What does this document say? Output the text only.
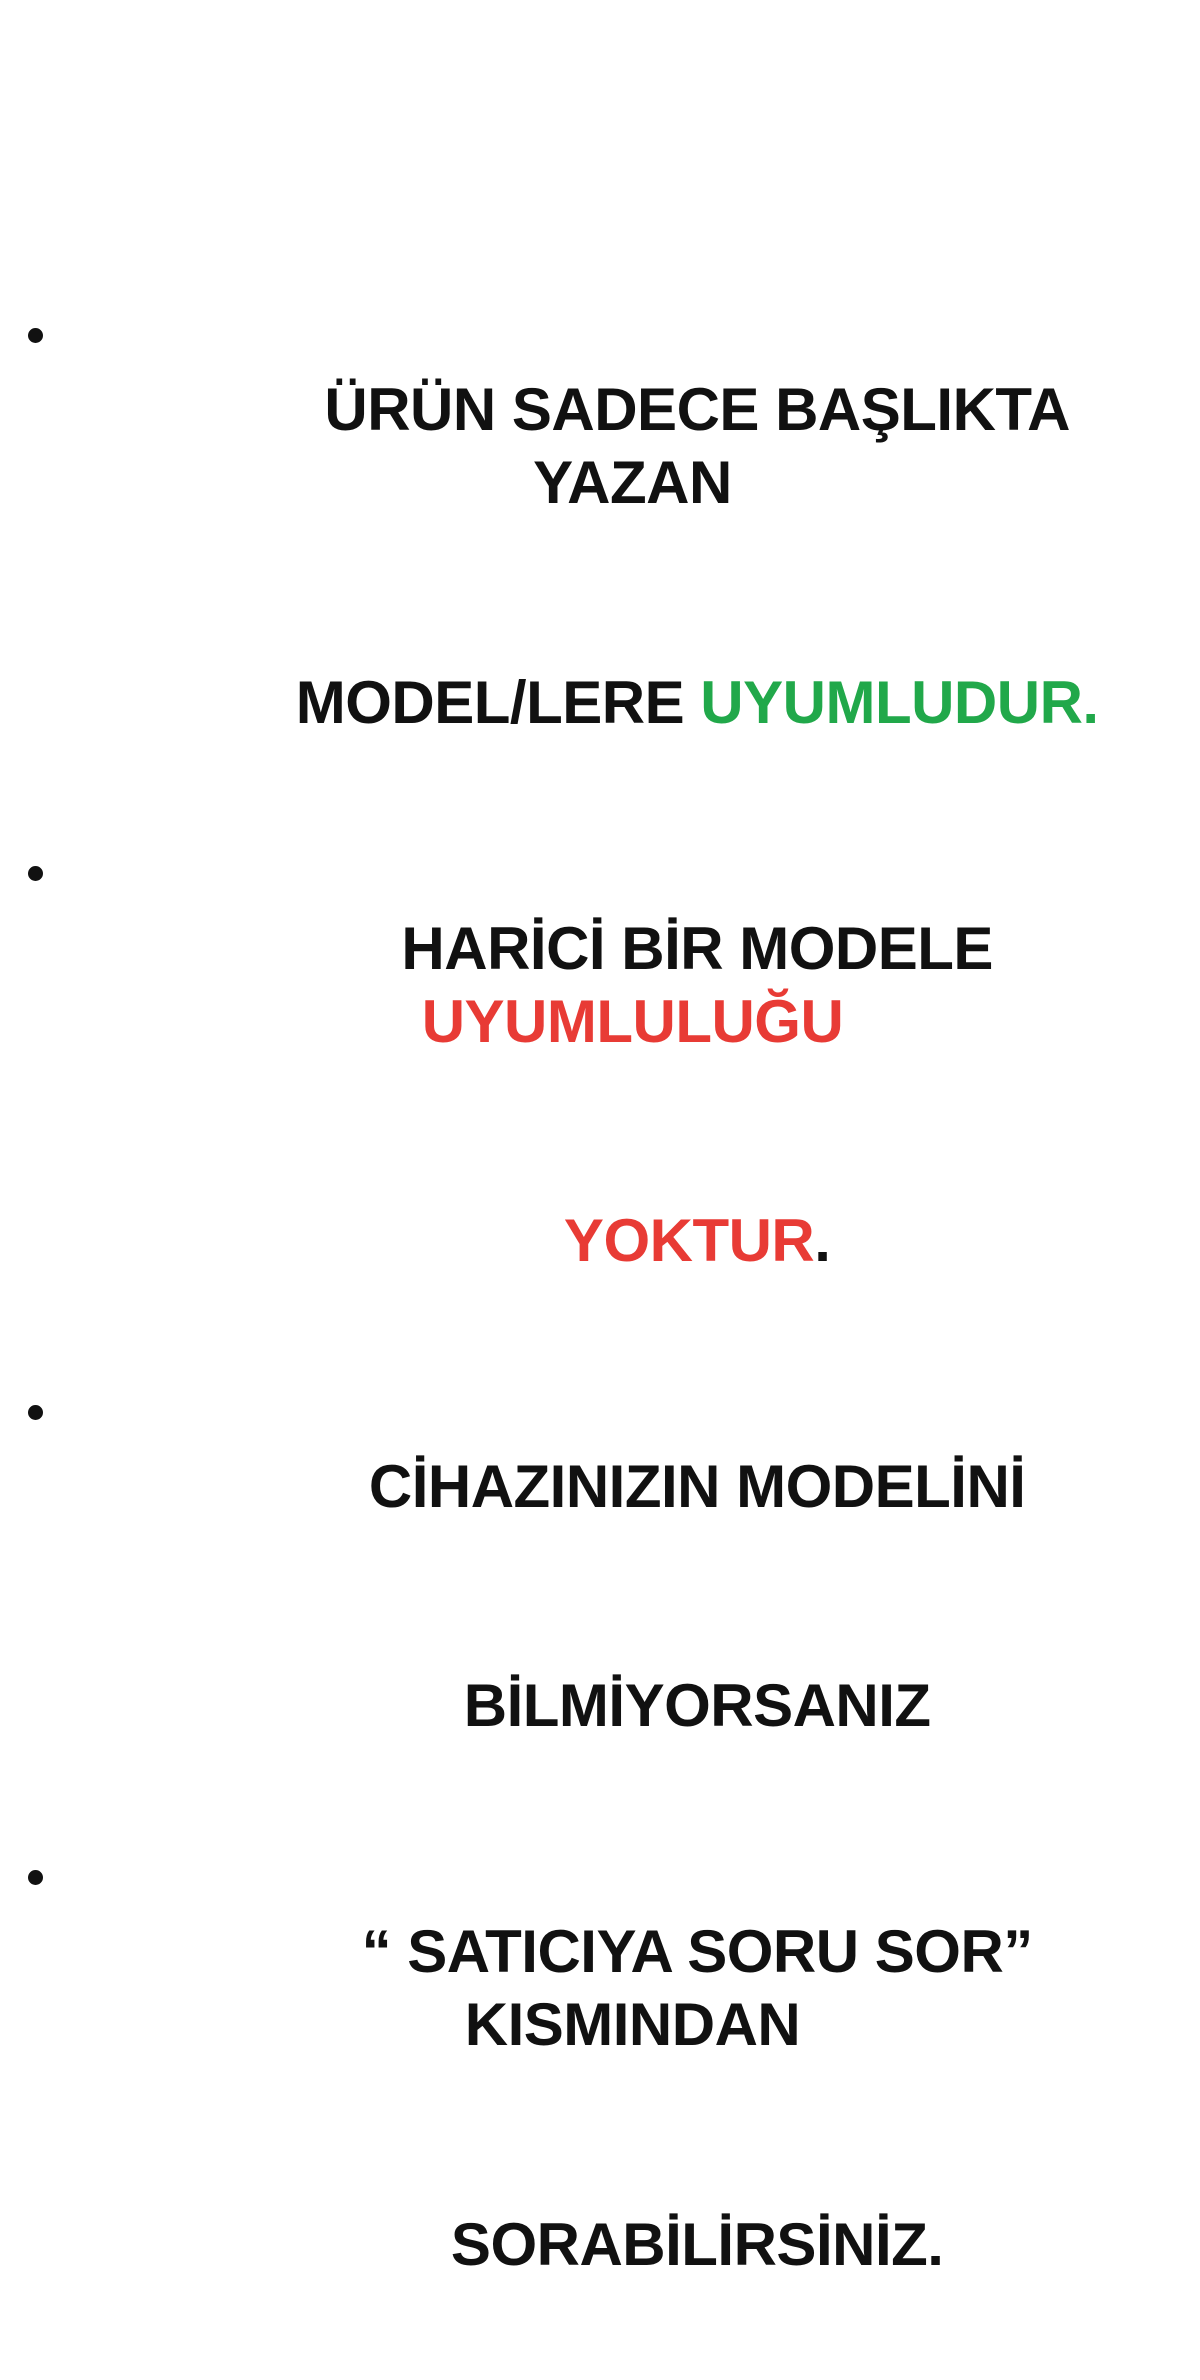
ÜRÜN SADECE BAŞLIKTA YAZAN

MODEL/LERE UYUMLUDUR.

HARİCİ BİR MODELE UYUMLULUĞU

YOKTUR.

CİHAZINIZIN MODELİNİ

BİLMİYORSANIZ

“ SATICIYA SORU SOR” KISMINDAN

SORABİLİRSİNİZ.
